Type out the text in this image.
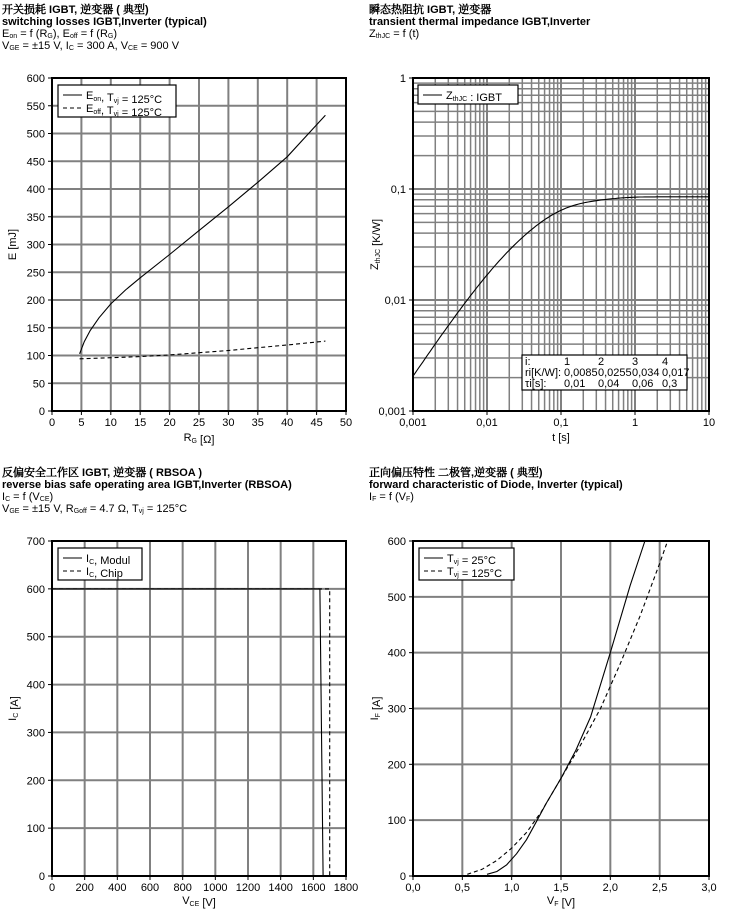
开关损耗 IGBT, 逆变器 ( 典型)
switching losses IGBT,Inverter (typical)
$E_{on} = f$ $(R_G)$, $E_{off} = f$ $(R_G)$
$V_{GE} = \pm 15$ V, $I_C = 300$ A, $V_{CE} = 900$ V
瞬态热阻抗 IGBT, 逆变器
transient thermal impedance IGBT,Inverter
$Z_{thJC} = f$ (t)
反偏安全工作区 IGBT, 逆变器 ( RBSOA )
reverse bias safe operating area IGBT,Inverter (RBSOA)
$I_C = f$ $(V_{CE})$
$V_{GE} = \pm 15$ V, $R_{Goff} = 4.7$ Ω, $T_{vj} = 125^\circ C$
正向偏压特性 二极管,逆变器 ( 典型)
forward characteristic of Diode, Inverter (typical)
$I_F = f$ $(V_F)$
0 5 10 15 20 25 30 35 40 45 50
0
50
100
150
200
250
300
350
400
450
500
550
600
Eon, Tvj = 125°C
Eoff, Tvj = 125°C
RG [Ω]
E [mJ]
0,001	0,01	0,1	1	10
0,001
0,01
0,1
1
ZthJC : IGBT
i:	1	2	3 4
ri[K/W]: 0,0085 0,0255 0,034 0,017
τi[s]: 0,01 0,04 0,06 0,3
t [s]
ZthJC [K/W]
0 200 400 600 800 1000 1200 1400 1600 1800
0
100
200
300
400
500
600
700
IC, Modul
IC, Chip
VCE [V]
IC [A]
0,0	0,5	1,0	1,5	2,0	2,5	3,0
0
100
200
300
400
500
600
Tvj = 25°C
Tvj = 125°C
VF [V]
IF [A]
